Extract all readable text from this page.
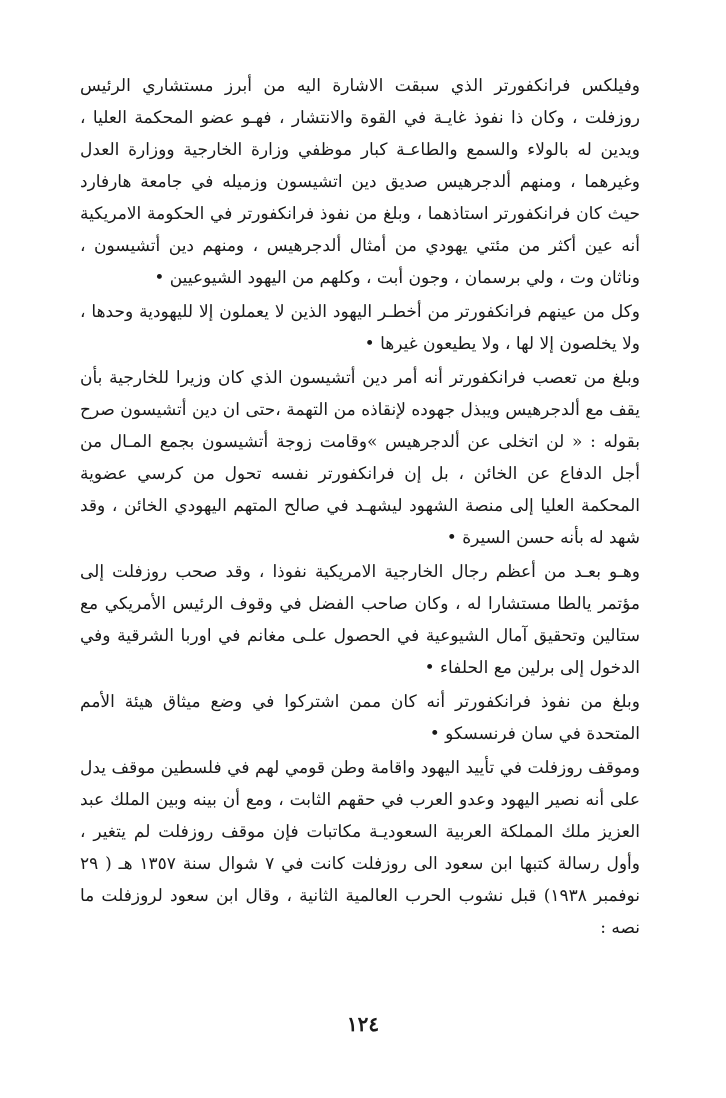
وفيلكس فرانكفورتر الذي سبقت الاشارة اليه من أبرز مستشاري الرئيس روزفلت ، وكان ذا نفوذ غايـة في القوة والانتشار ، فهـو عضو المحكمة العليا ، ويدين له بالولاء والسمع والطاعـة كبار موظفي وزارة الخارجية ووزارة العدل وغيرهما ، ومنهم ألدجرهيس صديق دين اتشيسون وزميله في جامعة هارفارد حيث كان فرانكفورتر استاذهما ، وبلغ من نفوذ فرانكفورتر في الحكومة الامريكية أنه عين أكثر من مئتي يهودي من أمثال ألدجرهيس ، ومنهم دين أتشيسون ، وناثان وت ، ولي برسمان ، وجون أبت ، وكلهم من اليهود الشيوعيين •

وكل من عينهم فرانكفورتر من أخطـر اليهود الذين لا يعملون إلا لليهودية وحدها ، ولا يخلصون إلا لها ، ولا يطيعون غيرها •

وبلغ من تعصب فرانكفورتر أنه أمر دين أتشيسون الذي كان وزيرا للخارجية بأن يقف مع ألدجرهيس ويبذل جهوده لإنقاذه من التهمة ،حتى ان دين أتشيسون صرح بقوله : « لن اتخلى عن ألدجرهيس »وقامت زوجة أتشيسون بجمع المـال من أجل الدفاع عن الخائن ، بل إن فرانكفورتر نفسه تحول من كرسي عضوية المحكمة العليا إلى منصة الشهود ليشهـد في صالح المتهم اليهودي الخائن ، وقد شهد له بأنه حسن السيرة •

وهـو بعـد من أعظم رجال الخارجية الامريكية نفوذا ، وقد صحب روزفلت إلى مؤتمر يالطا مستشارا له ، وكان صاحب الفضل في وقوف الرئيس الأمريكي مع ستالين وتحقيق آمال الشيوعية في الحصول علـى مغانم في اوربا الشرقية وفي الدخول إلى برلين مع الحلفاء •

وبلغ من نفوذ فرانكفورتر أنه كان ممن اشتركوا في وضع ميثاق هيئة الأمم المتحدة في سان فرنسسكو •

وموقف روزفلت في تأييد اليهود واقامة وطن قومي لهم في فلسطين موقف يدل على أنه نصير اليهود وعدو العرب في حقهم الثابت ، ومع أن بينه وبين الملك عبد العزيز ملك المملكة العربية السعوديـة مكاتبات فإن موقف روزفلت لم يتغير ، وأول رسالة كتبها ابن سعود الى روزفلت كانت في ٧ شوال سنة ١٣٥٧ هـ ( ٢٩ نوفمبر ١٩٣٨) قبل نشوب الحرب العالمية الثانية ، وقال ابن سعود لروزفلت ما نصه :

١٢٤
